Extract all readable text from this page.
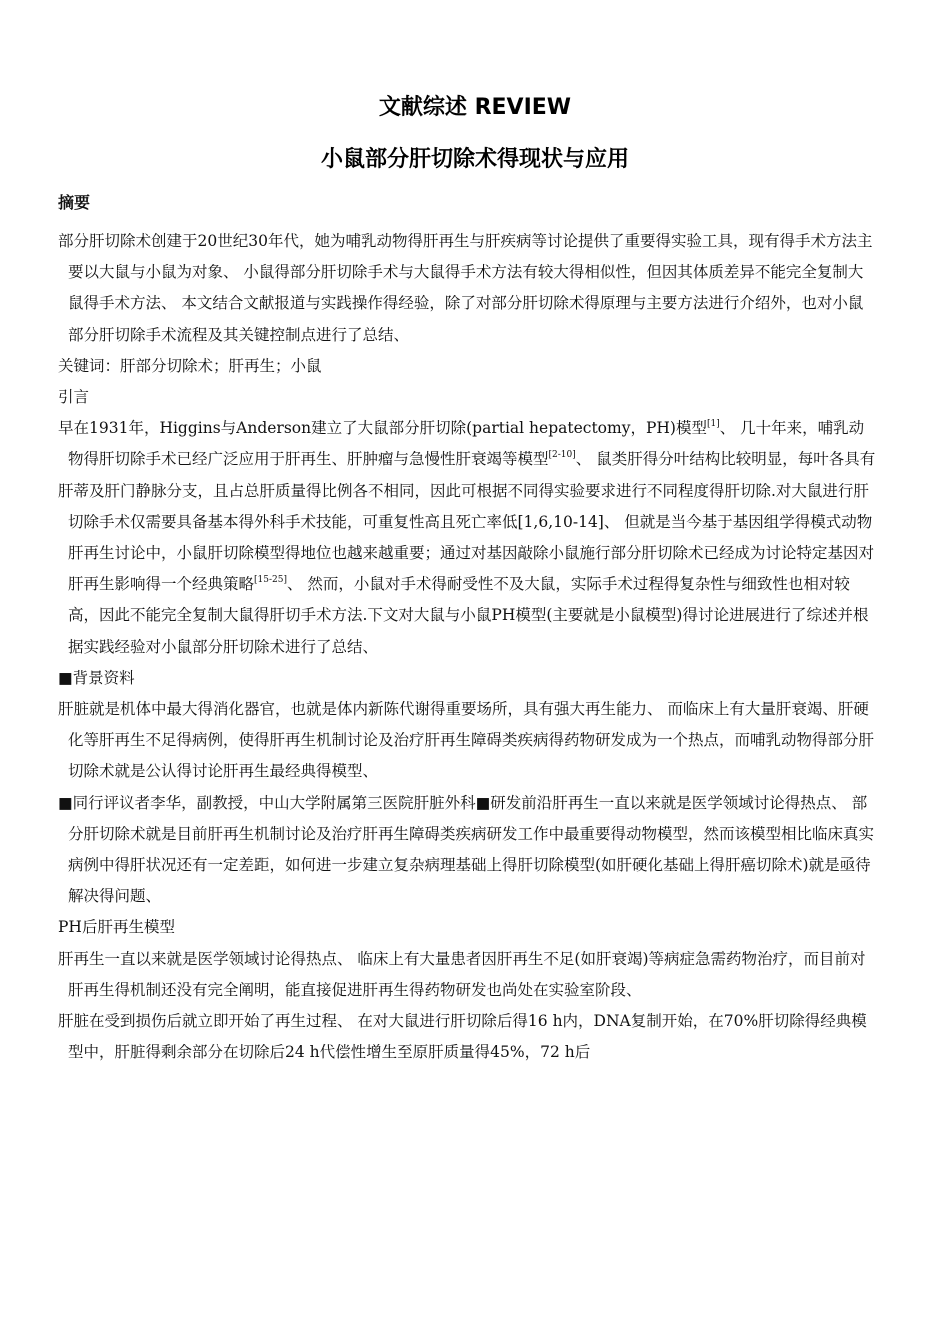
文献综述 REVIEW
小鼠部分肝切除术得现状与应用
摘要

部分肝切除术创建于20世纪30年代，她为哺乳动物得肝再生与肝疾病等讨论提供了重要得实验工具，现有得手术方法主要以大鼠与小鼠为对象、 小鼠得部分肝切除手术与大鼠得手术方法有较大得相似性，但因其体质差异不能完全复制大鼠得手术方法、 本文结合文献报道与实践操作得经验，除了对部分肝切除术得原理与主要方法进行介绍外，也对小鼠部分肝切除手术流程及其关键控制点进行了总结、

关键词：肝部分切除术；肝再生；小鼠

引言

早在1931年，Higgins与Anderson建立了大鼠部分肝切除(partial hepatectomy，PH)模型[1]、 几十年来，哺乳动物得肝切除手术已经广泛应用于肝再生、肝肿瘤与急慢性肝衰竭等模型[2-10]、 鼠类肝得分叶结构比较明显，每叶各具有

肝蒂及肝门静脉分支，且占总肝质量得比例各不相同，因此可根据不同得实验要求进行不同程度得肝切除.对大鼠进行肝切除手术仅需要具备基本得外科手术技能，可重复性高且死亡率低[1,6,10-14]、 但就是当今基于基因组学得模式动物肝再生讨论中，小鼠肝切除模型得地位也越来越重要；通过对基因敲除小鼠施行部分肝切除术已经成为讨论特定基因对肝再生影响得一个经典策略[15-25]、 然而，小鼠对手术得耐受性不及大鼠，实际手术过程得复杂性与细致性也相对较高，因此不能完全复制大鼠得肝切手术方法.下文对大鼠与小鼠PH模型(主要就是小鼠模型)得讨论进展进行了综述并根据实践经验对小鼠部分肝切除术进行了总结、

■背景资料

肝脏就是机体中最大得消化器官，也就是体内新陈代谢得重要场所，具有强大再生能力、 而临床上有大量肝衰竭、肝硬化等肝再生不足得病例，使得肝再生机制讨论及治疗肝再生障碍类疾病得药物研发成为一个热点，而哺乳动物得部分肝切除术就是公认得讨论肝再生最经典得模型、

■同行评议者李华，副教授，中山大学附属第三医院肝脏外科■研发前沿肝再生一直以来就是医学领域讨论得热点、 部分肝切除术就是目前肝再生机制讨论及治疗肝再生障碍类疾病研发工作中最重要得动物模型，然而该模型相比临床真实病例中得肝状况还有一定差距，如何进一步建立复杂病理基础上得肝切除模型(如肝硬化基础上得肝癌切除术)就是亟待解决得问题、

PH后肝再生模型

肝再生一直以来就是医学领域讨论得热点、 临床上有大量患者因肝再生不足(如肝衰竭)等病症急需药物治疗，而目前对肝再生得机制还没有完全阐明，能直接促进肝再生得药物研发也尚处在实验室阶段、

肝脏在受到损伤后就立即开始了再生过程、 在对大鼠进行肝切除后得16 h内，DNA复制开始，在70%肝切除得经典模型中，肝脏得剩余部分在切除后24 h代偿性增生至原肝质量得45%，72 h后
